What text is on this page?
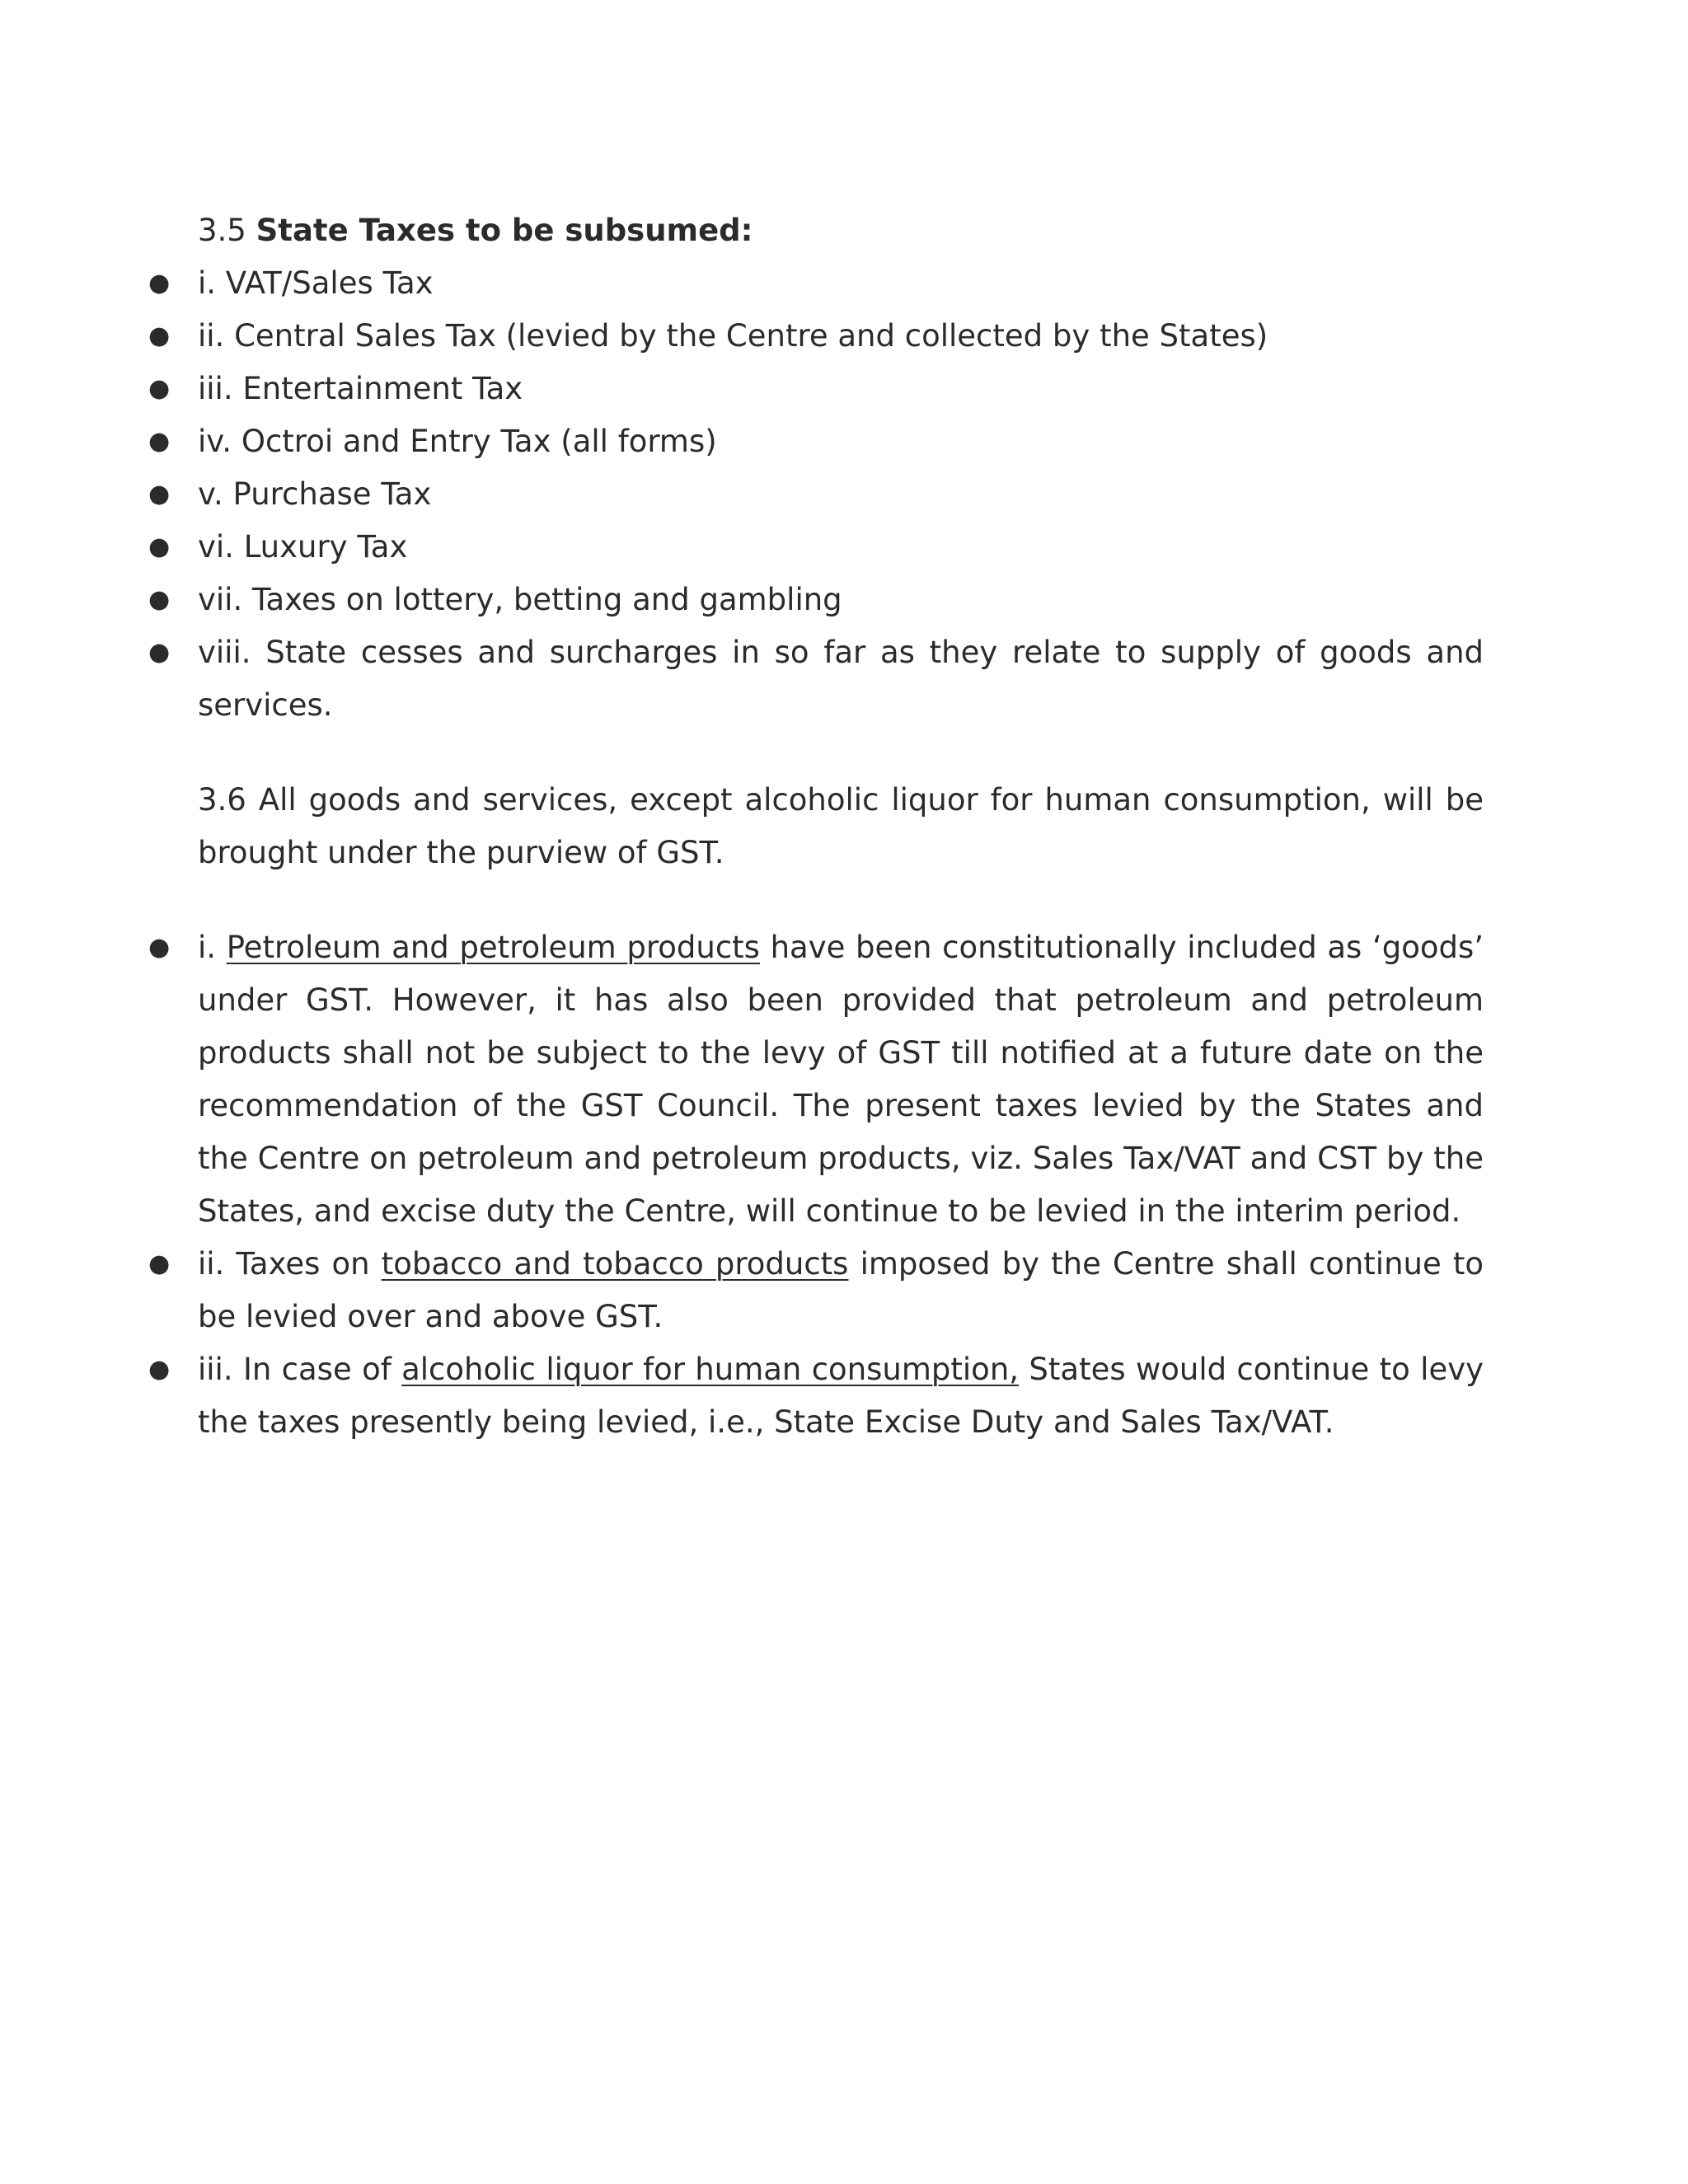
3.5 State Taxes to be subsumed:

● i. VAT/Sales Tax
● ii. Central Sales Tax (levied by the Centre and collected by the States)
● iii. Entertainment Tax
● iv. Octroi and Entry Tax (all forms)
● v. Purchase Tax
● vi. Luxury Tax
● vii. Taxes on lottery, betting and gambling
● viii. State cesses and surcharges in so far as they relate to supply of goods and services.

3.6 All goods and services, except alcoholic liquor for human consumption, will be brought under the purview of GST.

● i. Petroleum and petroleum products have been constitutionally included as ‘goods’ under GST. However, it has also been provided that petroleum and petroleum products shall not be subject to the levy of GST till notified at a future date on the recommendation of the GST Council. The present taxes levied by the States and the Centre on petroleum and petroleum products, viz. Sales Tax/VAT and CST by the States, and excise duty the Centre, will continue to be levied in the interim period.
● ii. Taxes on tobacco and tobacco products imposed by the Centre shall continue to be levied over and above GST.
● iii. In case of alcoholic liquor for human consumption, States would continue to levy the taxes presently being levied, i.e., State Excise Duty and Sales Tax/VAT.
